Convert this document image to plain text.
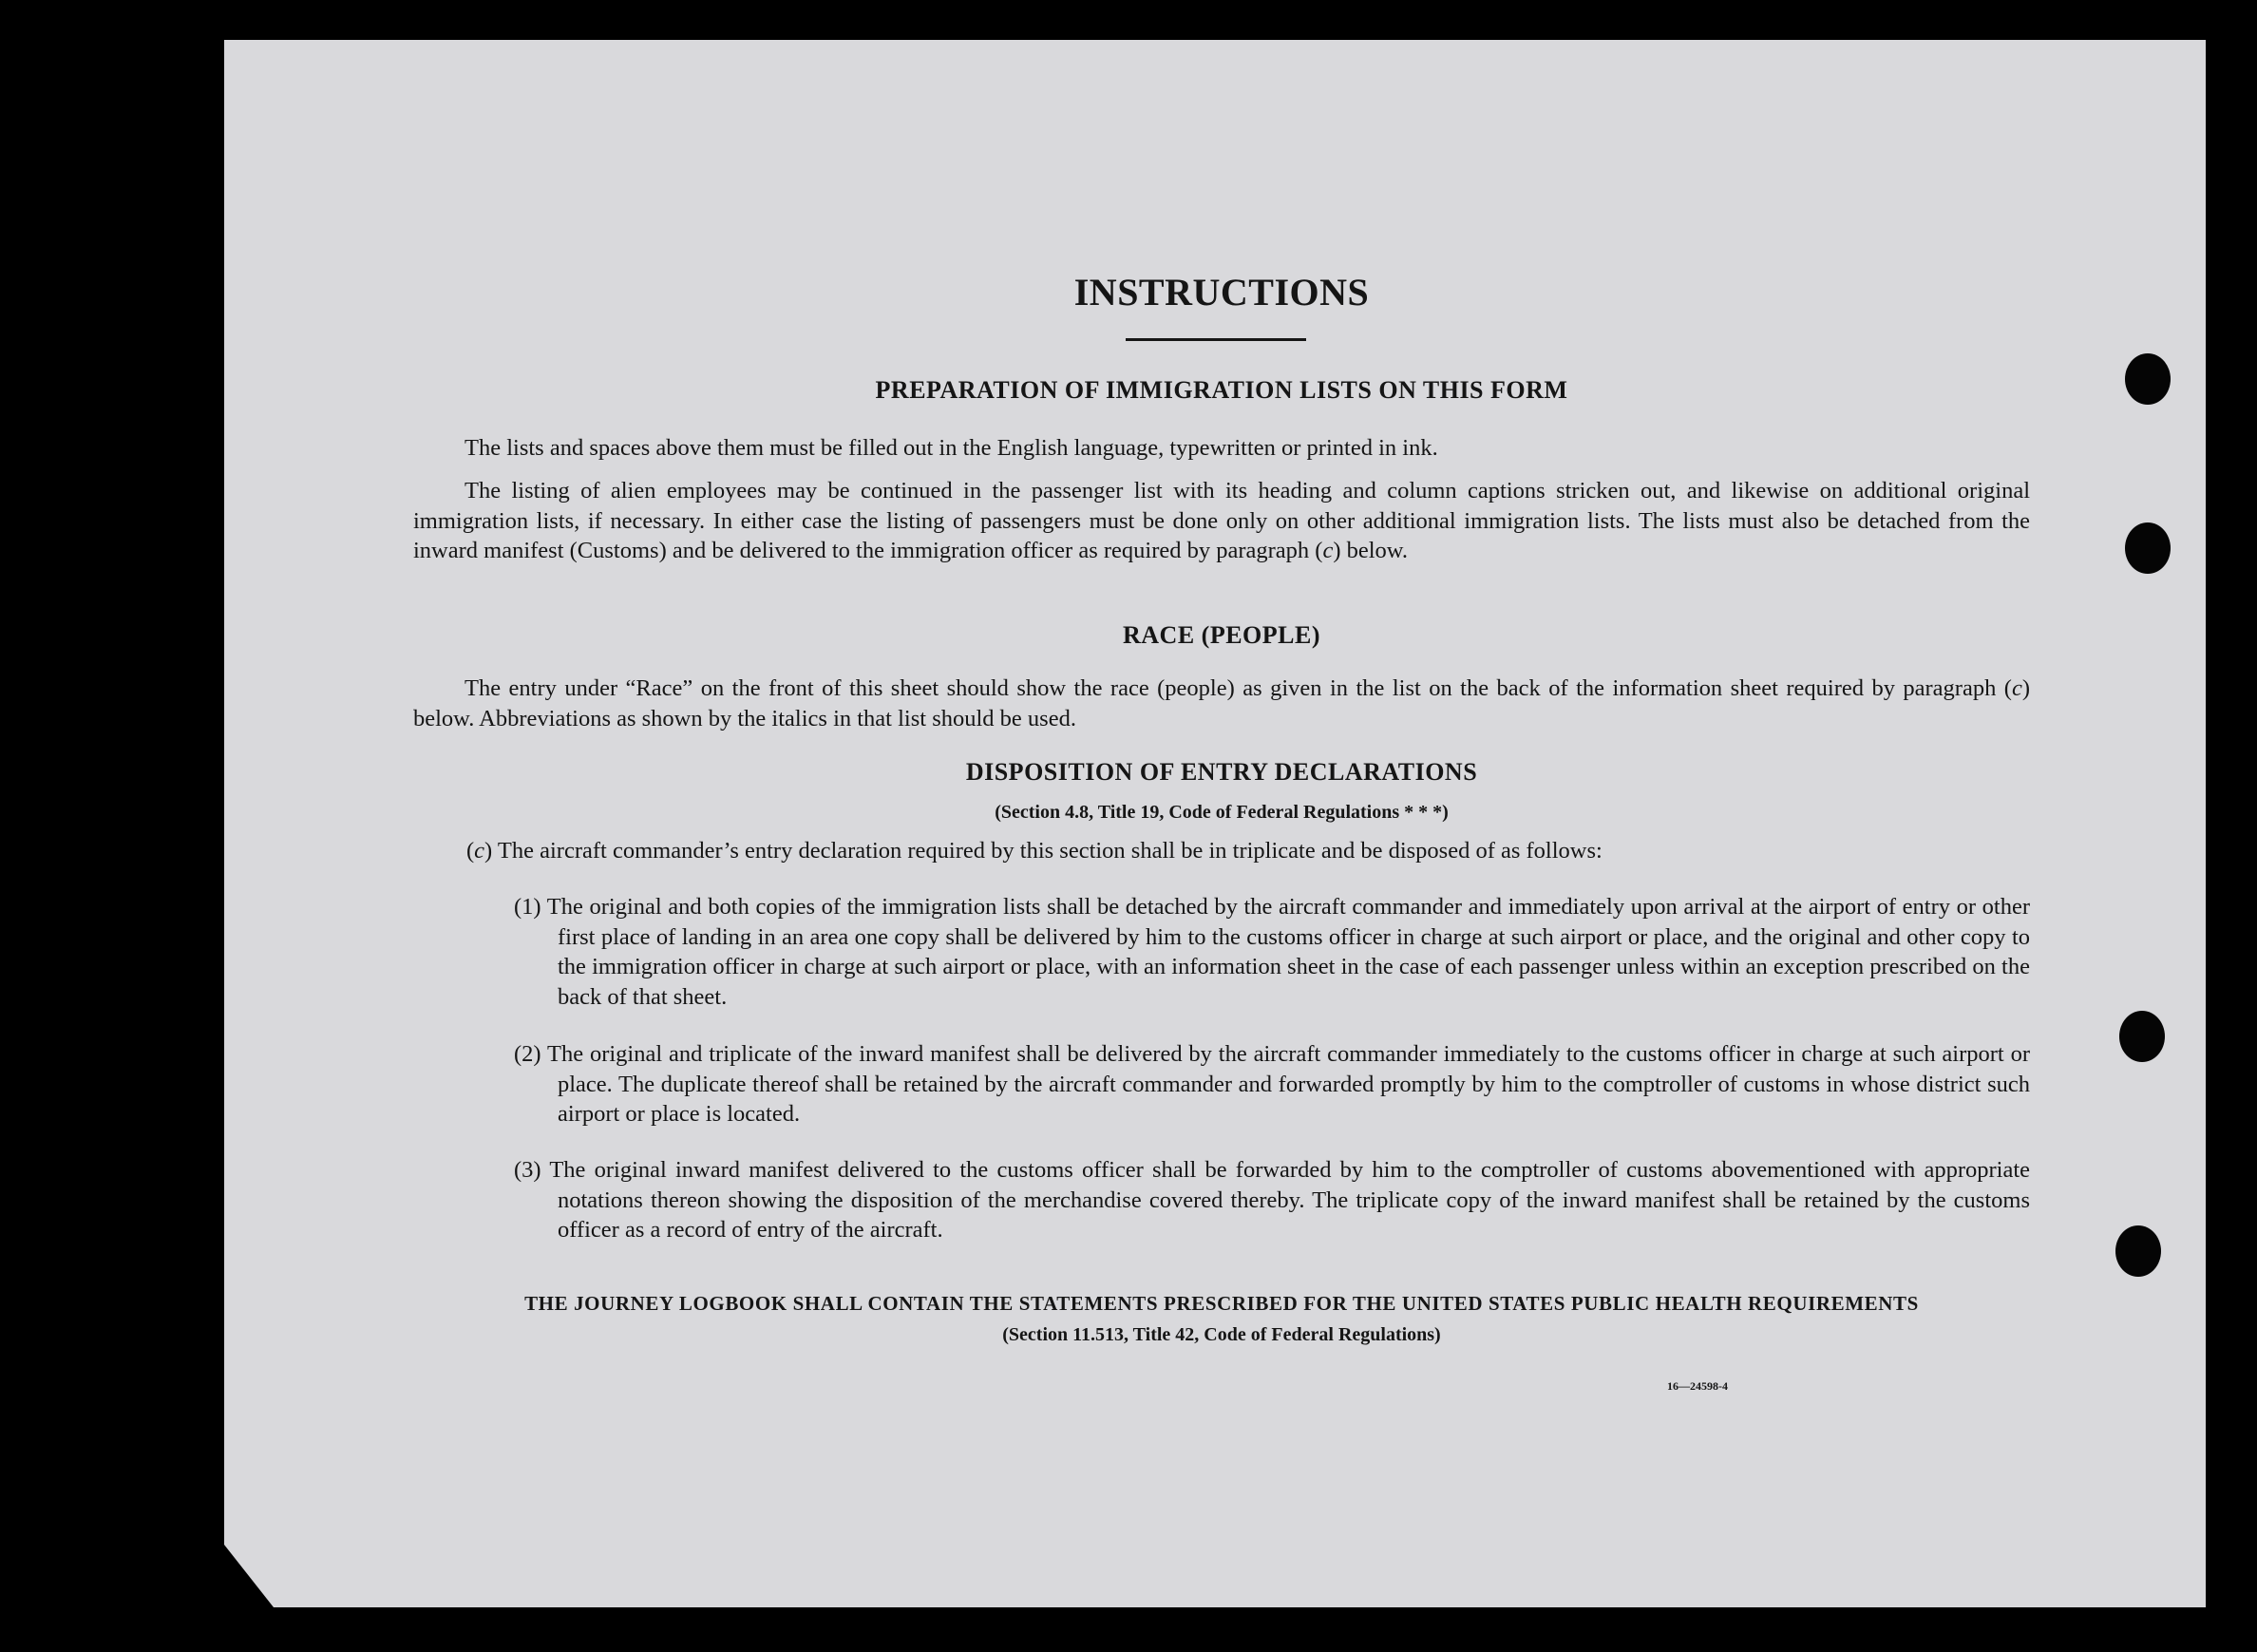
INSTRUCTIONS
PREPARATION OF IMMIGRATION LISTS ON THIS FORM

The lists and spaces above them must be filled out in the English language, typewritten or printed in ink.

The listing of alien employees may be continued in the passenger list with its heading and column captions stricken out, and likewise on additional original immigration lists, if necessary. In either case the listing of passengers must be done only on other additional immigration lists. The lists must also be detached from the inward manifest (Customs) and be delivered to the immigration officer as required by paragraph (c) below.

RACE (PEOPLE)

The entry under “Race” on the front of this sheet should show the race (people) as given in the list on the back of the information sheet required by paragraph (c) below. Abbreviations as shown by the italics in that list should be used.

DISPOSITION OF ENTRY DECLARATIONS
(Section 4.8, Title 19, Code of Federal Regulations * * *)

(c) The aircraft commander’s entry declaration required by this section shall be in triplicate and be disposed of as follows:

(1) The original and both copies of the immigration lists shall be detached by the aircraft commander and immediately upon arrival at the airport of entry or other first place of landing in an area one copy shall be delivered by him to the customs officer in charge at such airport or place, and the original and other copy to the immigration officer in charge at such airport or place, with an information sheet in the case of each passenger unless within an exception prescribed on the back of that sheet.

(2) The original and triplicate of the inward manifest shall be delivered by the aircraft commander immediately to the customs officer in charge at such airport or place. The duplicate thereof shall be retained by the aircraft commander and forwarded promptly by him to the comptroller of customs in whose district such airport or place is located.

(3) The original inward manifest delivered to the customs officer shall be forwarded by him to the comptroller of customs abovementioned with appropriate notations thereon showing the disposition of the merchandise covered thereby. The triplicate copy of the inward manifest shall be retained by the customs officer as a record of entry of the aircraft.

THE JOURNEY LOGBOOK SHALL CONTAIN THE STATEMENTS PRESCRIBED FOR THE UNITED STATES PUBLIC HEALTH REQUIREMENTS
(Section 11.513, Title 42, Code of Federal Regulations)
16—24598-4
